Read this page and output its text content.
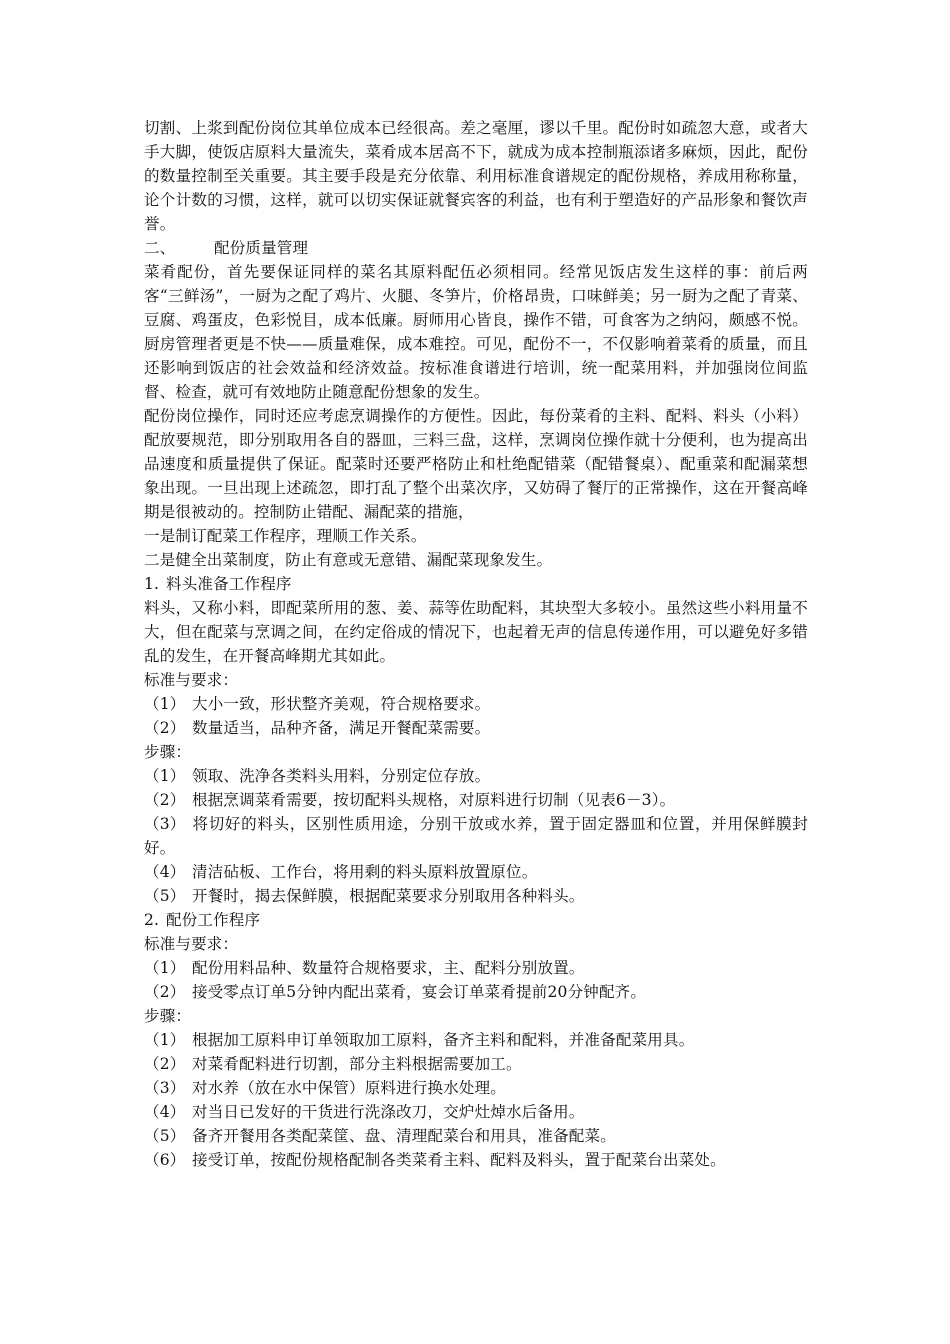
切割、上浆到配份岗位其单位成本已经很高。差之毫厘，谬以千里。配份时如疏忽大意，或者大手大脚，使饭店原料大量流失，菜肴成本居高不下，就成为成本控制瓶添诸多麻烦，因此，配份的数量控制至关重要。其主要手段是充分依靠、利用标准食谱规定的配份规格，养成用称称量，论个计数的习惯，这样，就可以切实保证就餐宾客的利益，也有利于塑造好的产品形象和餐饮声誉。

二、 配份质量管理

菜肴配份，首先要保证同样的菜名其原料配伍必须相同。经常见饭店发生这样的事：前后两客“三鲜汤”，一厨为之配了鸡片、火腿、冬笋片，价格昂贵，口味鲜美；另一厨为之配了青菜、豆腐、鸡蛋皮，色彩悦目，成本低廉。厨师用心皆良，操作不错，可食客为之纳闷，颇感不悦。厨房管理者更是不快——质量难保，成本难控。可见，配份不一，不仅影响着菜肴的质量，而且还影响到饭店的社会效益和经济效益。按标准食谱进行培训，统一配菜用料，并加强岗位间监督、检查，就可有效地防止随意配份想象的发生。

配份岗位操作，同时还应考虑烹调操作的方便性。因此，每份菜肴的主料、配料、料头（小料）配放要规范，即分别取用各自的器皿，三料三盘，这样，烹调岗位操作就十分便利，也为提高出品速度和质量提供了保证。配菜时还要严格防止和杜绝配错菜（配错餐桌）、配重菜和配漏菜想象出现。一旦出现上述疏忽，即打乱了整个出菜次序，又妨碍了餐厅的正常操作，这在开餐高峰期是很被动的。控制防止错配、漏配菜的措施，

一是制订配菜工作程序，理顺工作关系。

二是健全出菜制度，防止有意或无意错、漏配菜现象发生。

1. 料头准备工作程序

料头，又称小料，即配菜所用的葱、姜、蒜等佐助配料，其块型大多较小。虽然这些小料用量不大，但在配菜与烹调之间，在约定俗成的情况下，也起着无声的信息传递作用，可以避免好多错乱的发生，在开餐高峰期尤其如此。

标准与要求：

（1） 大小一致，形状整齐美观，符合规格要求。

（2） 数量适当，品种齐备，满足开餐配菜需要。

步骤：

（1） 领取、洗净各类料头用料，分别定位存放。

（2） 根据烹调菜肴需要，按切配料头规格，对原料进行切制（见表6－3）。

（3） 将切好的料头，区别性质用途，分别干放或水养，置于固定器皿和位置，并用保鲜膜封好。

（4） 清洁砧板、工作台，将用剩的料头原料放置原位。

（5） 开餐时，揭去保鲜膜，根据配菜要求分别取用各种料头。

2. 配份工作程序

标准与要求：

（1） 配份用料品种、数量符合规格要求，主、配料分别放置。

（2） 接受零点订单5分钟内配出菜肴，宴会订单菜肴提前20分钟配齐。

步骤：

（1） 根据加工原料申订单领取加工原料，备齐主料和配料，并准备配菜用具。

（2） 对菜肴配料进行切割，部分主料根据需要加工。

（3） 对水养（放在水中保管）原料进行换水处理。

（4） 对当日已发好的干货进行洗涤改刀，交炉灶焯水后备用。

（5） 备齐开餐用各类配菜筐、盘、清理配菜台和用具，准备配菜。

（6） 接受订单，按配份规格配制各类菜肴主料、配料及料头，置于配菜台出菜处。
